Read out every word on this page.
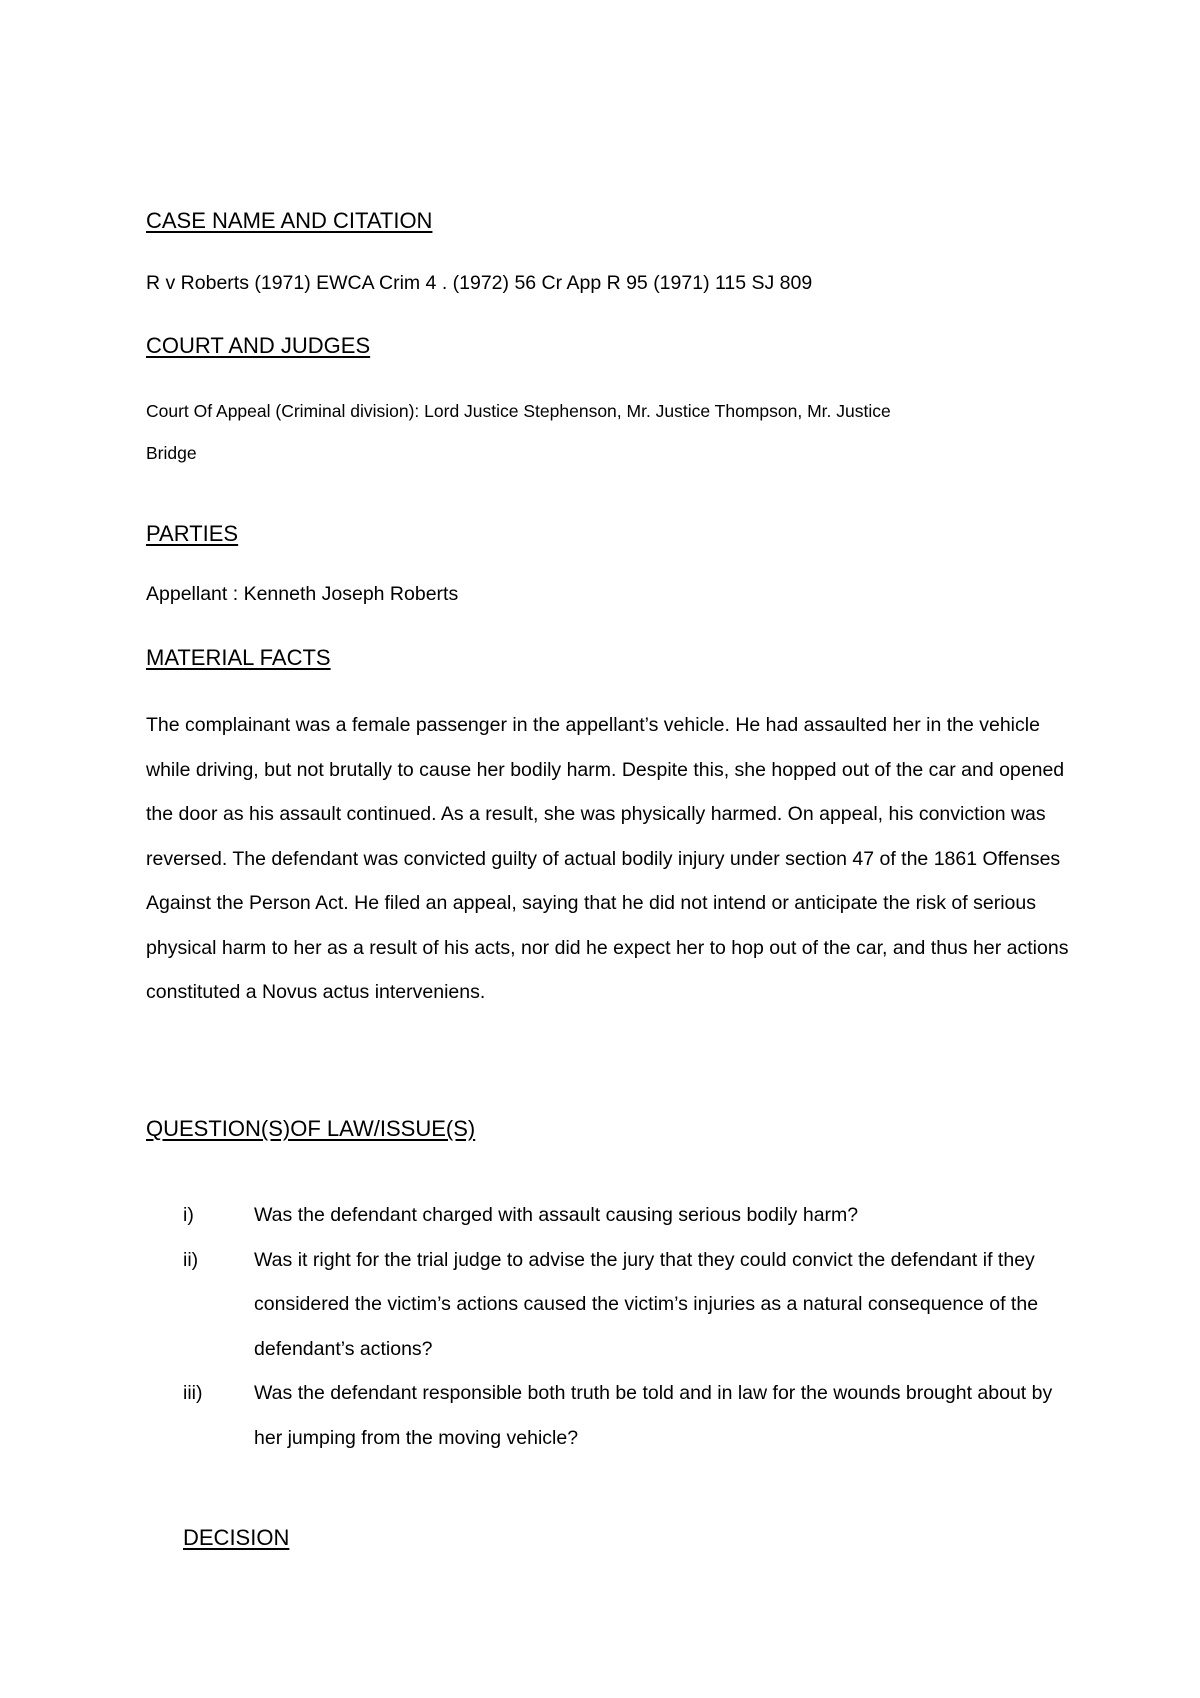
CASE NAME AND CITATION

R v Roberts (1971) EWCA Crim 4 . (1972) 56 Cr App R 95 (1971) 115 SJ 809

COURT AND JUDGES

Court Of Appeal (Criminal division): Lord Justice Stephenson, Mr. Justice Thompson, Mr. Justice

Bridge

PARTIES

Appellant : Kenneth Joseph Roberts

MATERIAL FACTS

The complainant was a female passenger in the appellant’s vehicle. He had assaulted her in the vehicle while driving, but not brutally to cause her bodily harm. Despite this, she hopped out of the car and opened the door as his assault continued. As a result, she was physically harmed. On appeal, his conviction was reversed. The defendant was convicted guilty of actual bodily injury under section 47 of the 1861 Offenses Against the Person Act. He filed an appeal, saying that he did not intend or anticipate the risk of serious physical harm to her as a result of his acts, nor did he expect her to hop out of the car, and thus her actions constituted a Novus actus interveniens.

QUESTION(S)OF LAW/ISSUE(S)
i)	Was the defendant charged with assault causing serious bodily harm?
ii)	Was it right for the trial judge to advise the jury that they could convict the defendant if they considered the victim’s actions caused the victim’s injuries as a natural consequence of the defendant’s actions?
iii)	Was the defendant responsible both truth be told and in law for the wounds brought about by her jumping from the moving vehicle?
DECISION
